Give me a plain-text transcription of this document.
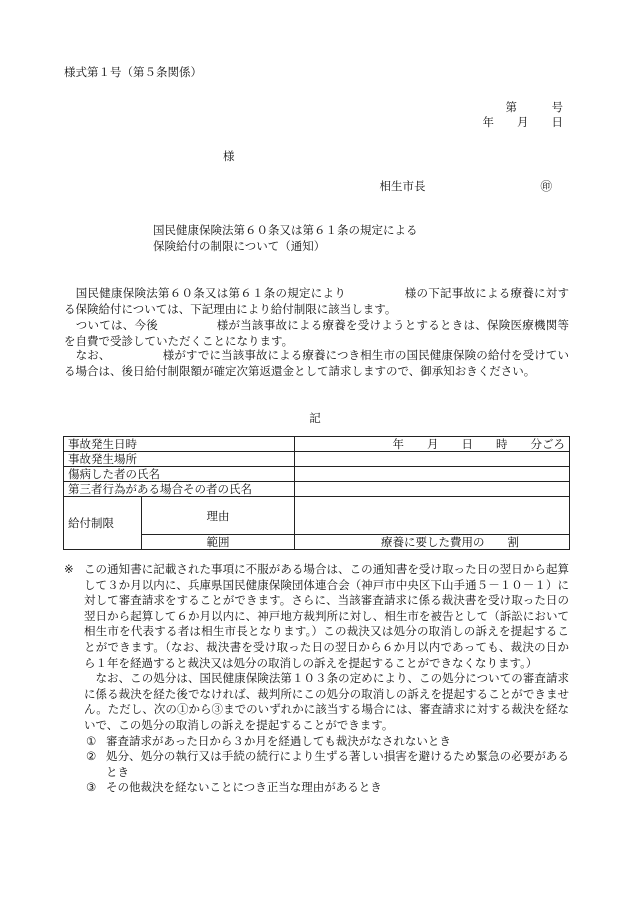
様式第１号（第５条関係）
第　　　号
年　　月　　日
様
相生市長　　　　　　　　　　㊞
国民健康保険法第６０条又は第６１条の規定による
保険給付の制限について（通知）
　国民健康保険法第６０条又は第６１条の規定により　　　　　様の下記事故による療養に対する保険給付については、下記理由により給付制限に該当します。
　ついては、今後　　　　　様が当該事故による療養を受けようとするときは、保険医療機関等を自費で受診していただくことになります。
　なお、　　　　　様がすでに当該事故による療養につき相生市の国民健康保険の給付を受けている場合は、後日給付制限額が確定次第返還金として請求しますので、御承知おきください。
記
事故発生日時		年　　月　　日　　時　　分ごろ
事故発生場所		
傷病した者の氏名		
第三者行為がある場合その者の氏名		
給付制限	理由	
	範囲	療養に要した費用の　　割
※ この通知書に記載された事項に不服がある場合は、この通知書を受け取った日の翌日から起算して３か月以内に、兵庫県国民健康保険団体連合会（神戸市中央区下山手通５－１０－１）に対して審査請求をすることができます。さらに、当該審査請求に係る裁決書を受け取った日の翌日から起算して６か月以内に、神戸地方裁判所に対し、相生市を被告として（訴訟において相生市を代表する者は相生市長となります。）この裁決又は処分の取消しの訴えを提起することができます。（なお、裁決書を受け取った日の翌日から６か月以内であっても、裁決の日から１年を経過すると裁決又は処分の取消しの訴えを提起することができなくなります。）
なお、この処分は、国民健康保険法第１０３条の定めにより、この処分についての審査請求に係る裁決を経た後でなければ、裁判所にこの処分の取消しの訴えを提起することができません。ただし、次の①から③までのいずれかに該当する場合には、審査請求に対する裁決を経ないで、この処分の取消しの訴えを提起することができます。
① 審査請求があった日から３か月を経過しても裁決がなされないとき
② 処分、処分の執行又は手続の続行により生ずる著しい損害を避けるため緊急の必要があるとき
③ その他裁決を経ないことにつき正当な理由があるとき
